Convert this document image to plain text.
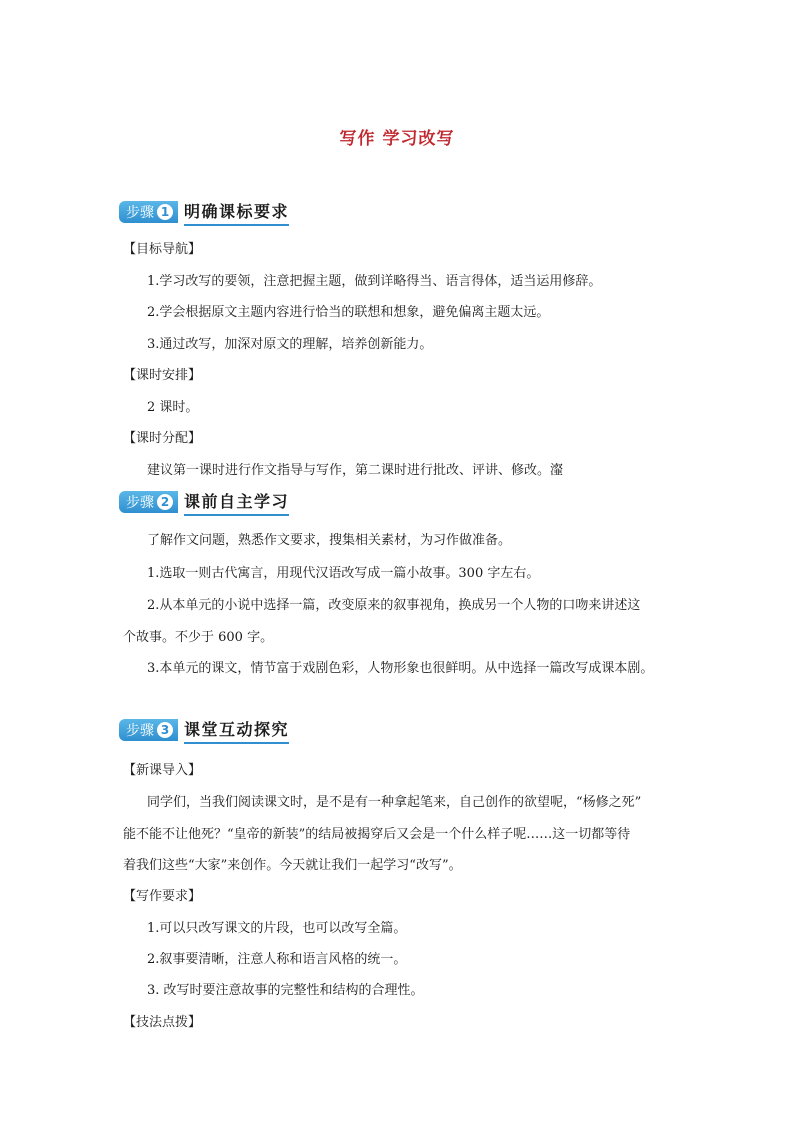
写作 学习改写
步骤 1 明确课标要求
【目标导航】
1.学习改写的要领，注意把握主题，做到详略得当、语言得体，适当运用修辞。
2.学会根据原文主题内容进行恰当的联想和想象，避免偏离主题太远。
3.通过改写，加深对原文的理解，培养创新能力。
【课时安排】
2 课时。
【课时分配】
建议第一课时进行作文指导与写作，第二课时进行批改、评讲、修改。瀣
步骤 2 课前自主学习
了解作文问题，熟悉作文要求，搜集相关素材，为习作做准备。
1.选取一则古代寓言，用现代汉语改写成一篇小故事。300 字左右。
2.从本单元的小说中选择一篇，改变原来的叙事视角，换成另一个人物的口吻来讲述这
个故事。不少于 600 字。
3.本单元的课文，情节富于戏剧色彩，人物形象也很鲜明。从中选择一篇改写成课本剧。
步骤 3 课堂互动探究
【新课导入】
同学们，当我们阅读课文时，是不是有一种拿起笔来，自己创作的欲望呢，“杨修之死”
能不能不让他死？“皇帝的新装”的结局被揭穿后又会是一个什么样子呢……这一切都等待
着我们这些“大家”来创作。今天就让我们一起学习“改写”。
【写作要求】
1.可以只改写课文的片段，也可以改写全篇。
2.叙事要清晰，注意人称和语言风格的统一。
3. 改写时要注意故事的完整性和结构的合理性。
【技法点拨】
